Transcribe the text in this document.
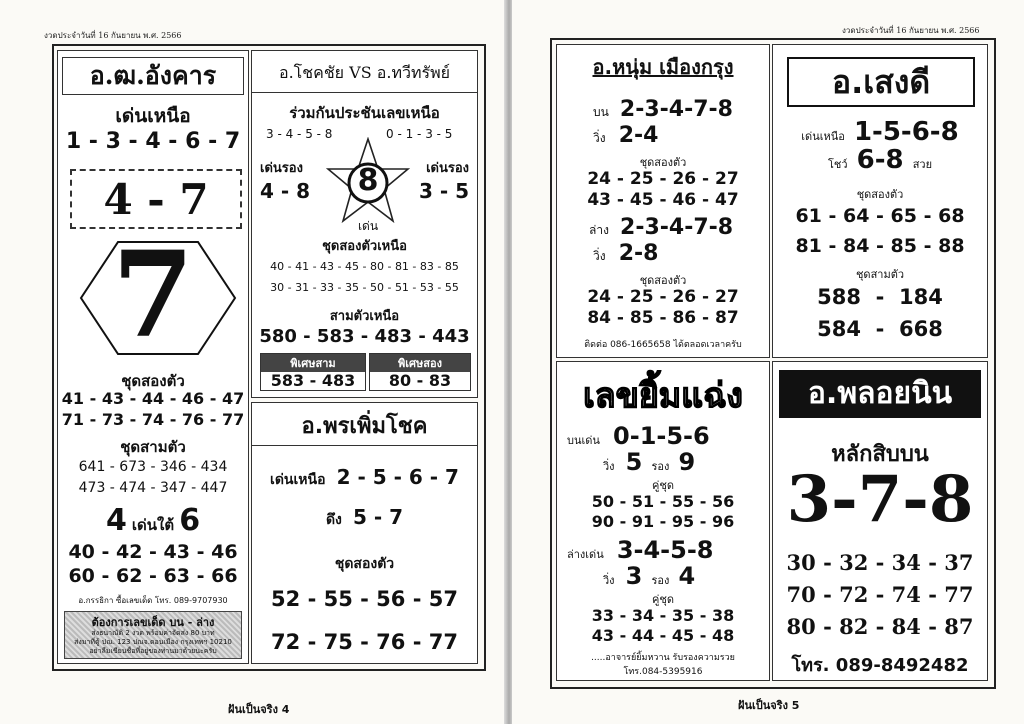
งวดประจำวันที่ 16 กันยายน พ.ศ. 2566
อ.ฒ.อังคาร
เด่นเหนือ
1 - 3 - 4 - 6 - 7
4 - 7
7
ชุดสองตัว
41 - 43 - 44 - 46 - 47
71 - 73 - 74 - 76 - 77
ชุดสามตัว
641 - 673 - 346 - 434
473 - 474 - 347 - 447
4 เด่นใต้ 6
40 - 42 - 43 - 46
60 - 62 - 63 - 66
อ.กรรธิกา ซื้อเลขเด็ด โทร. 089-9707930
ต้องการเลขเด็ด บน - ล่าง
ส่งธนาณัติ 2 งวด พร้อมค่าจัดส่ง 80 บาท
ส่งมาที่ตู้ ปณ. 123 ปณจ.ดอนเมือง กรุงเทพฯ 10210
อย่าลืมเขียนชื่อที่อยู่ของท่านมาด้วยนะครับ
อ.โชคชัย VS อ.ทวีทรัพย์
ร่วมกันประชันเลขเหนือ
3 - 4 - 5 - 8	0 - 1 - 3 - 5
8
เด่น
เด่นรอง
4 - 8
เด่นรอง
3 - 5
ชุดสองตัวเหนือ
40 - 41 - 43 - 45 - 80 - 81 - 83 - 85
30 - 31 - 33 - 35 - 50 - 51 - 53 - 55
สามตัวเหนือ
580 - 583 - 483 - 443
พิเศษสาม
583 - 483
พิเศษสอง
80 - 83
อ.พรเพิ่มโชค
เด่นเหนือ 2 - 5 - 6 - 7
ดึง 5 - 7
ชุดสองตัว
52 - 55 - 56 - 57
72 - 75 - 76 - 77
ฝันเป็นจริง 4
งวดประจำวันที่ 16 กันยายน พ.ศ. 2566
อ.หนุ่ม เมืองกรุง
บน 2-3-4-7-8
วิ่ง 2-4
ชุดสองตัว
24 - 25 - 26 - 27
43 - 45 - 46 - 47
ล่าง 2-3-4-7-8
วิ่ง 2-8
ชุดสองตัว
24 - 25 - 26 - 27
84 - 85 - 86 - 87
ติดต่อ 086-1665658 ได้ตลอดเวลาครับ
อ.เสงดี
เด่นเหนือ 1-5-6-8
โชว์ 6-8 สวย
ชุดสองตัว
61 - 64 - 65 - 68
81 - 84 - 85 - 88
ชุดสามตัว
588  -  184
584  -  668
เลขยิ้มแฉ่ง
บนเด่น 0-1-5-6
วิ่ง 5 รอง 9
คู่ชุด
50 - 51 - 55 - 56
90 - 91 - 95 - 96
ล่างเด่น 3-4-5-8
วิ่ง 3 รอง 4
คู่ชุด
33 - 34 - 35 - 38
43 - 44 - 45 - 48
.....อาจารย์ยิ้มหวาน รับรองความรวย
โทร.084-5395916
อ.พลอยนิน
หลักสิบบน
3-7-8
30 - 32 - 34 - 37
70 - 72 - 74 - 77
80 - 82 - 84 - 87
โทร. 089-8492482
ฝันเป็นจริง 5
